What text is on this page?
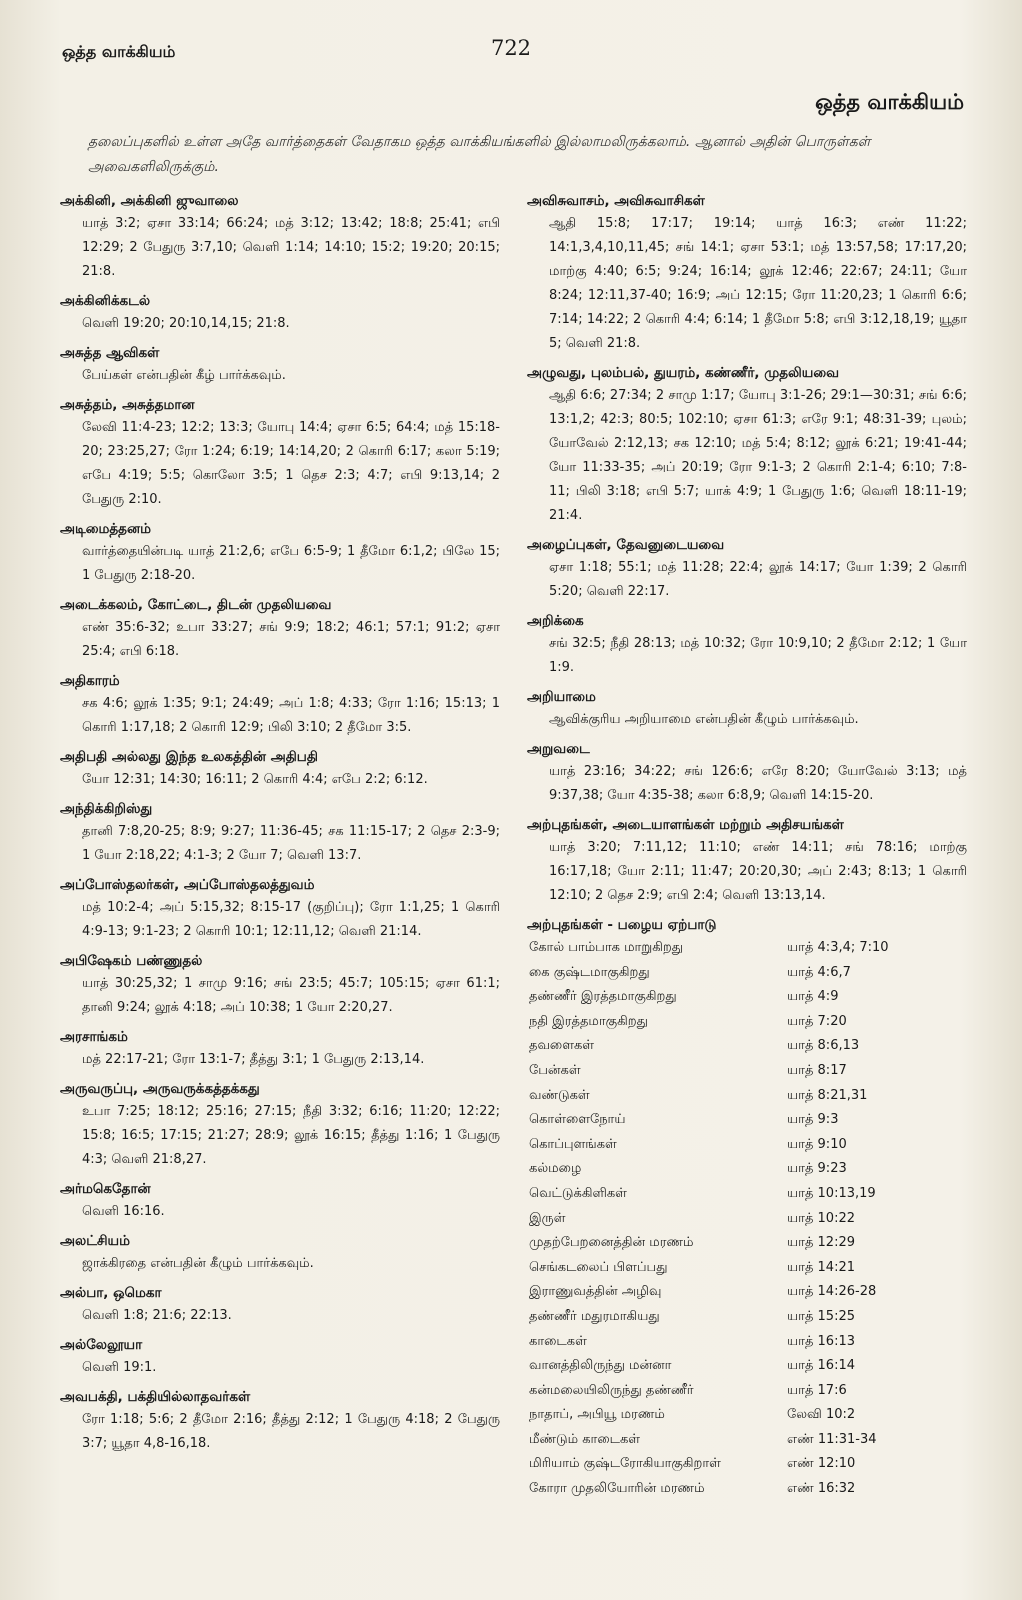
ஒத்த வாக்கியம்	722
ஒத்த வாக்கியம்
தலைப்புகளில் உள்ள அதே வார்த்தைகள் வேதாகம ஒத்த வாக்கியங்களில் இல்லாமலிருக்கலாம். ஆனால் அதின் பொருள்கள் அவைகளிலிருக்கும்.
அக்கினி, அக்கினி ஜுவாலை
யாத் 3:2; ஏசா 33:14; 66:24; மத் 3:12; 13:42; 18:8; 25:41; எபி 12:29; 2 பேதுரு 3:7,10; வெளி 1:14; 14:10; 15:2; 19:20; 20:15; 21:8.
அக்கினிக்கடல்
வெளி 19:20; 20:10,14,15; 21:8.
அசுத்த ஆவிகள்
பேய்கள் என்பதின் கீழ் பார்க்கவும்.
அசுத்தம், அசுத்தமான
லேவி 11:4-23; 12:2; 13:3; யோபு 14:4; ஏசா 6:5; 64:4; மத் 15:18-20; 23:25,27; ரோ 1:24; 6:19; 14:14,20; 2 கொரி 6:17; கலா 5:19; எபே 4:19; 5:5; கொலோ 3:5; 1 தெச 2:3; 4:7; எபி 9:13,14; 2 பேதுரு 2:10.
அடிமைத்தனம்
வார்த்தையின்படி யாத் 21:2,6; எபே 6:5-9; 1 தீமோ 6:1,2; பிலே 15; 1 பேதுரு 2:18-20.
அடைக்கலம், கோட்டை, திடன் முதலியவை
எண் 35:6-32; உபா 33:27; சங் 9:9; 18:2; 46:1; 57:1; 91:2; ஏசா 25:4; எபி 6:18.
அதிகாரம்
சக 4:6; லூக் 1:35; 9:1; 24:49; அப் 1:8; 4:33; ரோ 1:16; 15:13; 1 கொரி 1:17,18; 2 கொரி 12:9; பிலி 3:10; 2 தீமோ 3:5.
அதிபதி அல்லது இந்த உலகத்தின் அதிபதி
யோ 12:31; 14:30; 16:11; 2 கொரி 4:4; எபே 2:2; 6:12.
அந்திக்கிறிஸ்து
தானி 7:8,20-25; 8:9; 9:27; 11:36-45; சக 11:15-17; 2 தெச 2:3-9; 1 யோ 2:18,22; 4:1-3; 2 யோ 7; வெளி 13:7.
அப்போஸ்தலர்கள், அப்போஸ்தலத்துவம்
மத் 10:2-4; அப் 5:15,32; 8:15-17 (குறிப்பு); ரோ 1:1,25; 1 கொரி 4:9-13; 9:1-23; 2 கொரி 10:1; 12:11,12; வெளி 21:14.
அபிஷேகம் பண்ணுதல்
யாத் 30:25,32; 1 சாமு 9:16; சங் 23:5; 45:7; 105:15; ஏசா 61:1; தானி 9:24; லூக் 4:18; அப் 10:38; 1 யோ 2:20,27.
அரசாங்கம்
மத் 22:17-21; ரோ 13:1-7; தீத்து 3:1; 1 பேதுரு 2:13,14.
அருவருப்பு, அருவருக்கத்தக்கது
உபா 7:25; 18:12; 25:16; 27:15; நீதி 3:32; 6:16; 11:20; 12:22; 15:8; 16:5; 17:15; 21:27; 28:9; லூக் 16:15; தீத்து 1:16; 1 பேதுரு 4:3; வெளி 21:8,27.
அர்மகெதோன்
வெளி 16:16.
அலட்சியம்
ஜாக்கிரதை என்பதின் கீழும் பார்க்கவும்.
அல்பா, ஒமெகா
வெளி 1:8; 21:6; 22:13.
அல்லேலூயா
வெளி 19:1.
அவபக்தி, பக்தியில்லாதவர்கள்
ரோ 1:18; 5:6; 2 தீமோ 2:16; தீத்து 2:12; 1 பேதுரு 4:18; 2 பேதுரு 3:7; யூதா 4,8-16,18.
அவிசுவாசம், அவிசுவாசிகள்
ஆதி 15:8; 17:17; 19:14; யாத் 16:3; எண் 11:22; 14:1,3,4,10,11,45; சங் 14:1; ஏசா 53:1; மத் 13:57,58; 17:17,20; மாற்கு 4:40; 6:5; 9:24; 16:14; லூக் 12:46; 22:67; 24:11; யோ 8:24; 12:11,37-40; 16:9; அப் 12:15; ரோ 11:20,23; 1 கொரி 6:6; 7:14; 14:22; 2 கொரி 4:4; 6:14; 1 தீமோ 5:8; எபி 3:12,18,19; யூதா 5; வெளி 21:8.
அழுவது, புலம்பல், துயரம், கண்ணீர், முதலியவை
ஆதி 6:6; 27:34; 2 சாமு 1:17; யோபு 3:1-26; 29:1—30:31; சங் 6:6; 13:1,2; 42:3; 80:5; 102:10; ஏசா 61:3; எரே 9:1; 48:31-39; புலம்; யோவேல் 2:12,13; சக 12:10; மத் 5:4; 8:12; லூக் 6:21; 19:41-44; யோ 11:33-35; அப் 20:19; ரோ 9:1-3; 2 கொரி 2:1-4; 6:10; 7:8-11; பிலி 3:18; எபி 5:7; யாக் 4:9; 1 பேதுரு 1:6; வெளி 18:11-19; 21:4.
அழைப்புகள், தேவனுடையவை
ஏசா 1:18; 55:1; மத் 11:28; 22:4; லூக் 14:17; யோ 1:39; 2 கொரி 5:20; வெளி 22:17.
அறிக்கை
சங் 32:5; நீதி 28:13; மத் 10:32; ரோ 10:9,10; 2 தீமோ 2:12; 1 யோ 1:9.
அறியாமை
ஆவிக்குரிய அறியாமை என்பதின் கீழும் பார்க்கவும்.
அறுவடை
யாத் 23:16; 34:22; சங் 126:6; எரே 8:20; யோவேல் 3:13; மத் 9:37,38; யோ 4:35-38; கலா 6:8,9; வெளி 14:15-20.
அற்புதங்கள், அடையாளங்கள் மற்றும் அதிசயங்கள்
யாத் 3:20; 7:11,12; 11:10; எண் 14:11; சங் 78:16; மாற்கு 16:17,18; யோ 2:11; 11:47; 20:20,30; அப் 2:43; 8:13; 1 கொரி 12:10; 2 தெச 2:9; எபி 2:4; வெளி 13:13,14.
அற்புதங்கள் - பழைய ஏற்பாடு
கோல் பாம்பாக மாறுகிறது	யாத் 4:3,4; 7:10
கை குஷ்டமாகுகிறது	யாத் 4:6,7
தண்ணீர் இரத்தமாகுகிறது	யாத் 4:9
நதி இரத்தமாகுகிறது	யாத் 7:20
தவளைகள்	யாத் 8:6,13
பேன்கள்	யாத் 8:17
வண்டுகள்	யாத் 8:21,31
கொள்ளைநோய்	யாத் 9:3
கொப்புளங்கள்	யாத் 9:10
கல்மழை	யாத் 9:23
வெட்டுக்கிளிகள்	யாத் 10:13,19
இருள்	யாத் 10:22
முதற்பேறனைத்தின் மரணம்	யாத் 12:29
செங்கடலைப் பிளப்பது	யாத் 14:21
இராணுவத்தின் அழிவு	யாத் 14:26-28
தண்ணீர் மதுரமாகியது	யாத் 15:25
காடைகள்	யாத் 16:13
வானத்திலிருந்து மன்னா	யாத் 16:14
கன்மலையிலிருந்து தண்ணீர்	யாத் 17:6
நாதாப், அபியூ மரணம்	லேவி 10:2
மீண்டும் காடைகள்	எண் 11:31-34
மிரியாம் குஷ்டரோகியாகுகிறாள்	எண் 12:10
கோரா முதலியோரின் மரணம்	எண் 16:32
